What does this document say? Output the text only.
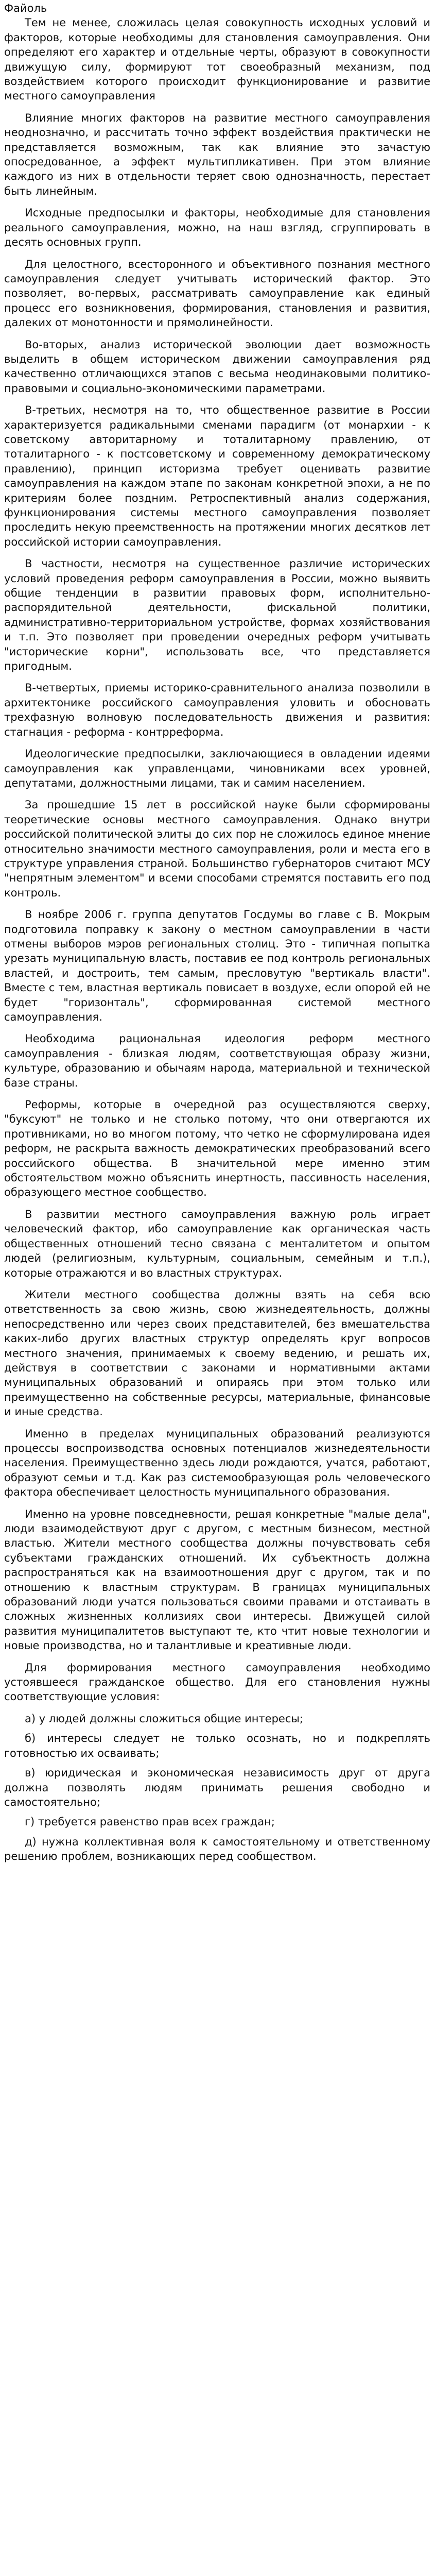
Файоль

Тем не менее, сложилась целая совокупность исходных условий и факторов, которые необходимы для становления самоуправления. Они определяют его характер и отдельные черты, образуют в совокупности движущую силу, формируют тот своеобразный механизм, под воздействием которого происходит функционирование и развитие местного самоуправления

Влияние многих факторов на развитие местного самоуправления неоднозначно, и рассчитать точно эффект воздействия практически не представляется возможным, так как влияние это зачастую опосредованное, а эффект мультипликативен. При этом влияние каждого из них в отдельности теряет свою однозначность, перестает быть линейным.

Исходные предпосылки и факторы, необходимые для становления реального самоуправления, можно, на наш взгляд, сгруппировать в десять основных групп.

Для целостного, всесторонного и объективного познания местного самоуправления следует учитывать исторический фактор. Это позволяет, во-первых, рассматривать самоуправление как единый процесс его возникновения, формирования, становления и развития, далеких от монотонности и прямолинейности.

Во-вторых, анализ исторической эволюции дает возможность выделить в общем историческом движении самоуправления ряд качественно отличающихся этапов с весьма неодинаковыми политико-правовыми и социально-экономическими параметрами.

В-третьих, несмотря на то, что общественное развитие в России характеризуется радикальными сменами парадигм (от монархии - к советскому авторитарному и тоталитарному правлению, от тоталитарного - к постсоветскому и современному демократическому правлению), принцип историзма требует оценивать развитие самоуправления на каждом этапе по законам конкретной эпохи, а не по критериям более поздним. Ретроспективный анализ содержания, функционирования системы местного самоуправления позволяет проследить некую преемственность на протяжении многих десятков лет российской истории самоуправления.

В частности, несмотря на существенное различие исторических условий проведения реформ самоуправления в России, можно выявить общие тенденции в развитии правовых форм, исполнительно-распорядительной деятельности, фискальной политики, административно-территориальном устройстве, формах хозяйствования и т.п. Это позволяет при проведении очередных реформ учитывать "исторические корни", использовать все, что представляется пригодным.

В-четвертых, приемы историко-сравнительного анализа позволили в архитектонике российского самоуправления уловить и обосновать трехфазную волновую последовательность движения и развития: стагнация - реформа - контрреформа.

Идеологические предпосылки, заключающиеся в овладении идеями самоуправления как управленцами, чиновниками всех уровней, депутатами, должностными лицами, так и самим населением.

За прошедшие 15 лет в российской науке были сформированы теоретические основы местного самоуправления. Однако внутри российской политической элиты до сих пор не сложилось единое мнение относительно значимости местного самоуправления, роли и места его в структуре управления страной. Большинство губернаторов считают МСУ "непрятным элементом" и всеми способами стремятся поставить его под контроль.

В ноябре 2006 г. группа депутатов Госдумы во главе с В. Мокрым подготовила поправку к закону о местном самоуправлении в части отмены выборов мэров региональных столиц. Это - типичная попытка урезать муниципальную власть, поставив ее под контроль региональных властей, и достроить, тем самым, пресловутую "вертикаль власти". Вместе с тем, властная вертикаль повисает в воздухе, если опорой ей не будет "горизонталь", сформированная системой местного самоуправления.

Необходима рациональная идеология реформ местного самоуправления - близкая людям, соответствующая образу жизни, культуре, образованию и обычаям народа, материальной и технической базе страны.

Реформы, которые в очередной раз осуществляются сверху, "буксуют" не только и не столько потому, что они отвергаются их противниками, но во многом потому, что четко не сформулирована идея реформ, не раскрыта важность демократических преобразований всего российского общества. В значительной мере именно этим обстоятельством можно объяснить инертность, пассивность населения, образующего местное сообщество.

В развитии местного самоуправления важную роль играет человеческий фактор, ибо самоуправление как органическая часть общественных отношений тесно связана с менталитетом и опытом людей (религиозным, культурным, социальным, семейным и т.п.), которые отражаются и во властных структурах.

Жители местного сообщества должны взять на себя всю ответственность за свою жизнь, свою жизнедеятельность, должны непосредственно или через своих представителей, без вмешательства каких-либо других властных структур определять круг вопросов местного значения, принимаемых к своему ведению, и решать их, действуя в соответствии с законами и нормативными актами муниципальных образований и опираясь при этом только или преимущественно на собственные ресурсы, материальные, финансовые и иные средства.

Именно в пределах муниципальных образований реализуются процессы воспроизводства основных потенциалов жизнедеятельности населения. Преимущественно здесь люди рождаются, учатся, работают, образуют семьи и т.д. Как раз системообразующая роль человеческого фактора обеспечивает целостность муниципального образования.

Именно на уровне повседневности, решая конкретные "малые дела", люди взаимодействуют друг с другом, с местным бизнесом, местной властью. Жители местного сообщества должны почувствовать себя субъектами гражданских отношений. Их субъектность должна распространяться как на взаимоотношения друг с другом, так и по отношению к властным структурам. В границах муниципальных образований люди учатся пользоваться своими правами и отстаивать в сложных жизненных коллизиях свои интересы. Движущей силой развития муниципалитетов выступают те, кто чтит новые технологии и новые производства, но и талантливые и креативные люди.

Для формирования местного самоуправления необходимо устоявшееся гражданское общество. Для его становления нужны соответствующие условия:

а) у людей должны сложиться общие интересы;

б) интересы следует не только осознать, но и подкреплять готовностью их осваивать;

в) юридическая и экономическая независимость друг от друга должна позволять людям принимать решения свободно и самостоятельно;

г) требуется равенство прав всех граждан;

д) нужна коллективная воля к самостоятельному и ответственному решению проблем, возникающих перед сообществом.
